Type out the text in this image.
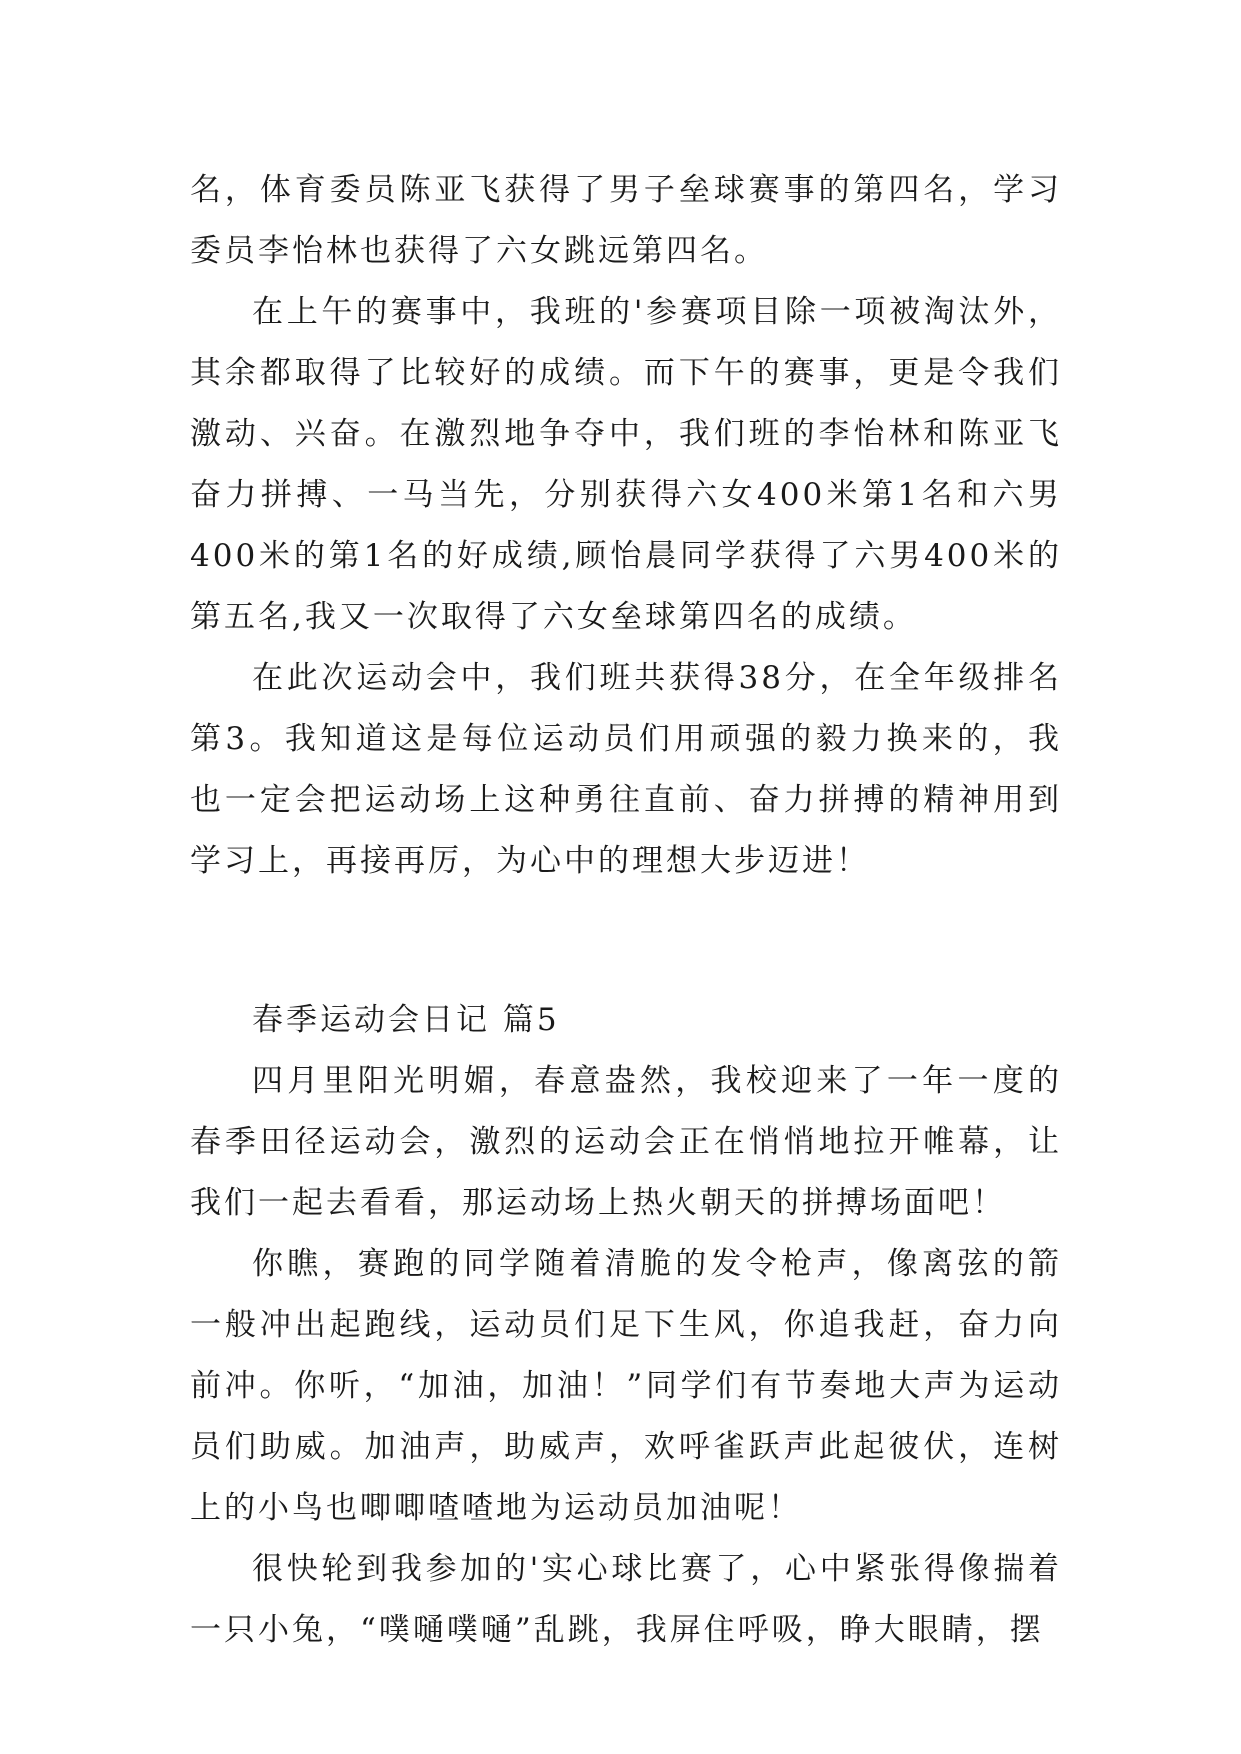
名，体育委员陈亚飞获得了男子垒球赛事的第四名，学习委员李怡林也获得了六女跳远第四名。

在上午的赛事中，我班的'参赛项目除一项被淘汰外，其余都取得了比较好的成绩。而下午的赛事，更是令我们激动、兴奋。在激烈地争夺中，我们班的李怡林和陈亚飞奋力拼搏、一马当先，分别获得六女400米第1名和六男400米的第1名的好成绩,顾怡晨同学获得了六男400米的第五名,我又一次取得了六女垒球第四名的成绩。

在此次运动会中，我们班共获得38分，在全年级排名第3。我知道这是每位运动员们用顽强的毅力换来的，我也一定会把运动场上这种勇往直前、奋力拼搏的精神用到学习上，再接再厉，为心中的理想大步迈进！

春季运动会日记 篇5

四月里阳光明媚，春意盎然，我校迎来了一年一度的春季田径运动会，激烈的运动会正在悄悄地拉开帷幕，让我们一起去看看，那运动场上热火朝天的拼搏场面吧！

你瞧，赛跑的同学随着清脆的发令枪声，像离弦的箭一般冲出起跑线，运动员们足下生风，你追我赶，奋力向前冲。你听，“加油，加油！”同学们有节奏地大声为运动员们助威。加油声，助威声，欢呼雀跃声此起彼伏，连树上的小鸟也唧唧喳喳地为运动员加油呢！

很快轮到我参加的'实心球比赛了，心中紧张得像揣着一只小兔，“噗嗵噗嗵”乱跳，我屏住呼吸，睁大眼睛，摆
